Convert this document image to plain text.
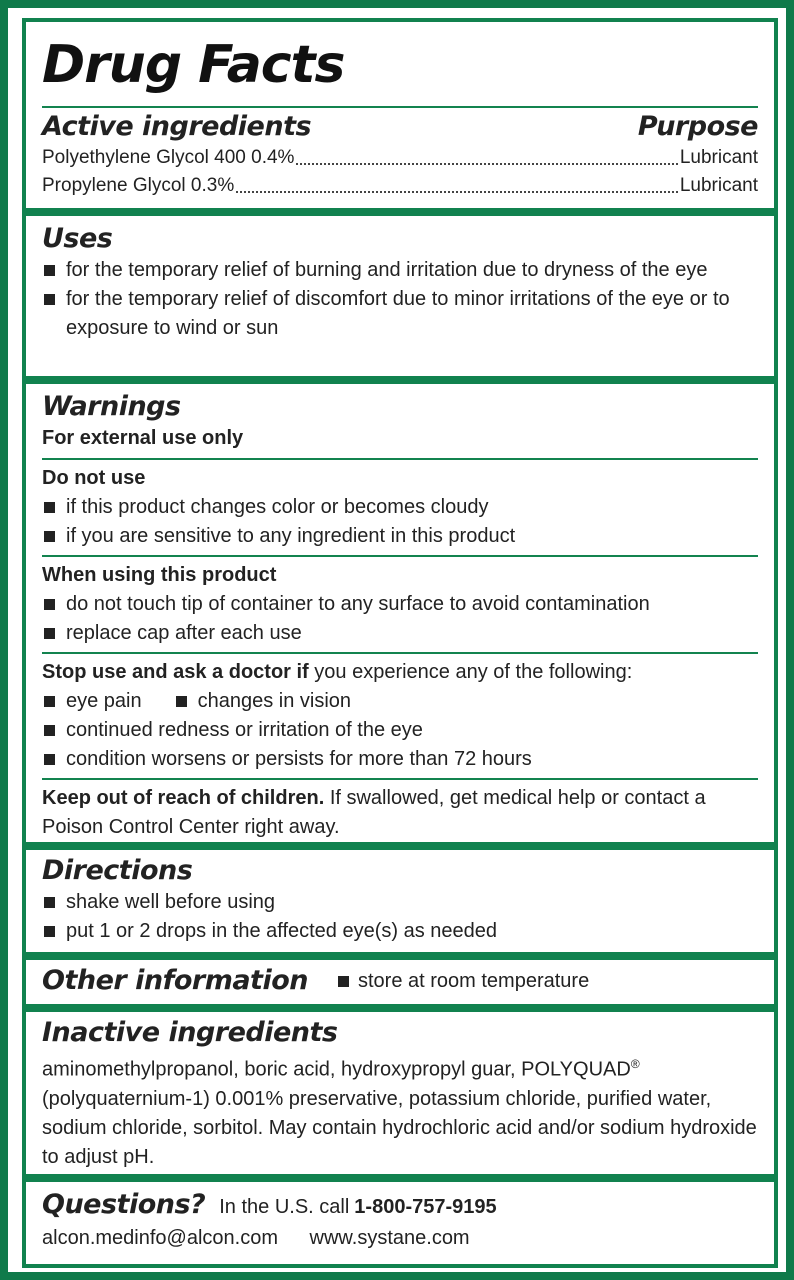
Drug Facts
Active ingredients	Purpose
Polyethylene Glycol 400 0.4%	Lubricant
Propylene Glycol 0.3%	Lubricant
Uses
for the temporary relief of burning and irritation due to dryness of the eye
for the temporary relief of discomfort due to minor irritations of the eye or to exposure to wind or sun
Warnings
For external use only
Do not use
if this product changes color or becomes cloudy
if you are sensitive to any ingredient in this product
When using this product
do not touch tip of container to any surface to avoid contamination
replace cap after each use
Stop use and ask a doctor if you experience any of the following:
eye pain	changes in vision
continued redness or irritation of the eye
condition worsens or persists for more than 72 hours
Keep out of reach of children. If swallowed, get medical help or contact a Poison Control Center right away.
Directions
shake well before using
put 1 or 2 drops in the affected eye(s) as needed
Other information	store at room temperature
Inactive ingredients
aminomethylpropanol, boric acid, hydroxypropyl guar, POLYQUAD® (polyquaternium-1) 0.001% preservative, potassium chloride, purified water, sodium chloride, sorbitol. May contain hydrochloric acid and/or sodium hydroxide to adjust pH.
Questions? In the U.S. call 1-800-757-9195
alcon.medinfo@alcon.com www.systane.com
